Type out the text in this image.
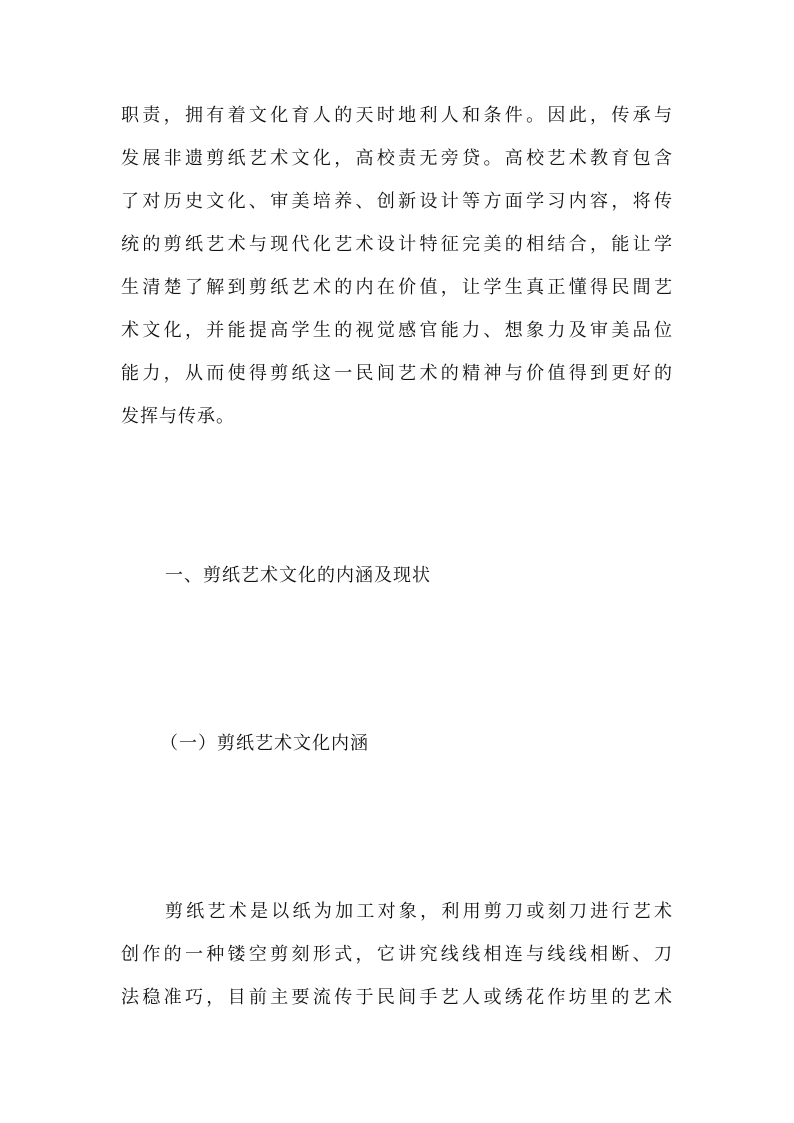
职责，拥有着文化育人的天时地利人和条件。因此，传承与
发展非遗剪纸艺术文化，高校责无旁贷。高校艺术教育包含
了对历史文化、审美培养、创新设计等方面学习内容，将传
统的剪纸艺术与现代化艺术设计特征完美的相结合，能让学
生清楚了解到剪纸艺术的内在价值，让学生真正懂得民間艺
术文化，并能提高学生的视觉感官能力、想象力及审美品位
能力，从而使得剪纸这一民间艺术的精神与价值得到更好的
发挥与传承。
一、剪纸艺术文化的内涵及现状
（一）剪纸艺术文化内涵
剪纸艺术是以纸为加工对象，利用剪刀或刻刀进行艺术
创作的一种镂空剪刻形式，它讲究线线相连与线线相断、刀
法稳准巧，目前主要流传于民间手艺人或绣花作坊里的艺术
